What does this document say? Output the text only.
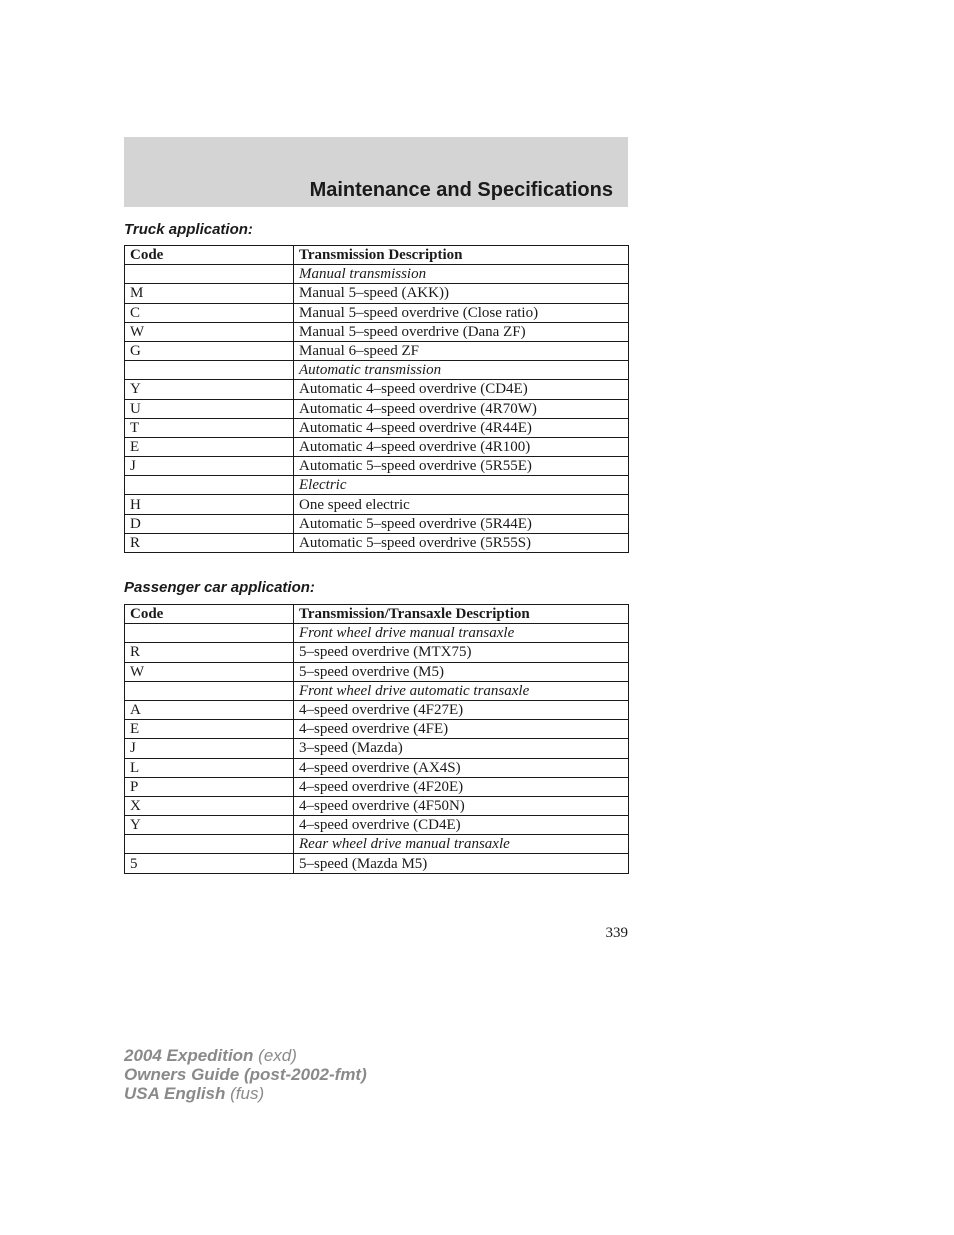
Maintenance and Specifications
Truck application:
Code	Transmission Description
	Manual transmission
M	Manual 5–speed (AKK))
C	Manual 5–speed overdrive (Close ratio)
W	Manual 5–speed overdrive (Dana ZF)
G	Manual 6–speed ZF
	Automatic transmission
Y	Automatic 4–speed overdrive (CD4E)
U	Automatic 4–speed overdrive (4R70W)
T	Automatic 4–speed overdrive (4R44E)
E	Automatic 4–speed overdrive (4R100)
J	Automatic 5–speed overdrive (5R55E)
	Electric
H	One speed electric
D	Automatic 5–speed overdrive (5R44E)
R	Automatic 5–speed overdrive (5R55S)
Passenger car application:
Code	Transmission/Transaxle Description
	Front wheel drive manual transaxle
R	5–speed overdrive (MTX75)
W	5–speed overdrive (M5)
	Front wheel drive automatic transaxle
A	4–speed overdrive (4F27E)
E	4–speed overdrive (4FE)
J	3–speed (Mazda)
L	4–speed overdrive (AX4S)
P	4–speed overdrive (4F20E)
X	4–speed overdrive (4F50N)
Y	4–speed overdrive (CD4E)
	Rear wheel drive manual transaxle
5	5–speed (Mazda M5)
339
2004 Expedition (exd)
Owners Guide (post-2002-fmt)
USA English (fus)
